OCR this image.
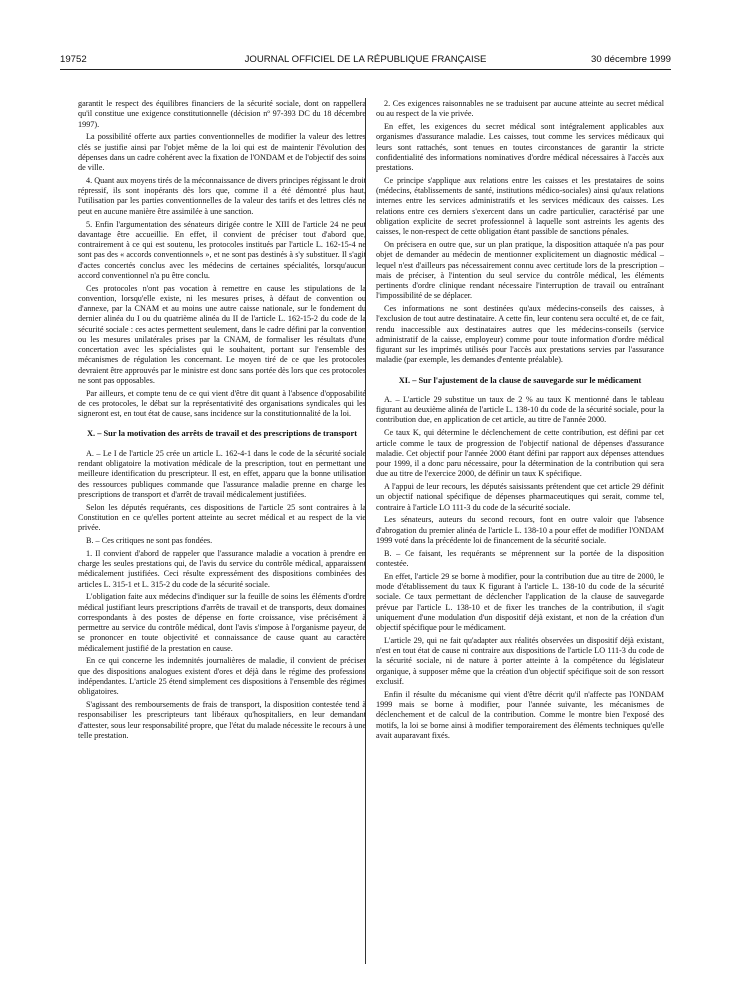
19752	JOURNAL OFFICIEL DE LA RÉPUBLIQUE FRANÇAISE	30 décembre 1999

garantit le respect des équilibres financiers de la sécurité sociale, dont on rappellera qu'il constitue une exigence constitutionnelle (décision nº 97-393 DC du 18 décembre 1997).

La possibilité offerte aux parties conventionnelles de modifier la valeur des lettres clés se justifie ainsi par l'objet même de la loi qui est de maintenir l'évolution des dépenses dans un cadre cohérent avec la fixation de l'ONDAM et de l'objectif des soins de ville.

4. Quant aux moyens tirés de la méconnaissance de divers principes régissant le droit répressif, ils sont inopérants dès lors que, comme il a été démontré plus haut, l'utilisation par les parties conventionnelles de la valeur des tarifs et des lettres clés ne peut en aucune manière être assimilée à une sanction.

5. Enfin l'argumentation des sénateurs dirigée contre le XIII de l'article 24 ne peut davantage être accueillie. En effet, il convient de préciser tout d'abord que, contrairement à ce qui est soutenu, les protocoles institués par l'article L. 162-15-4 ne sont pas des « accords conventionnels », et ne sont pas destinés à s'y substituer. Il s'agit d'actes concertés conclus avec les médecins de certaines spécialités, lorsqu'aucun accord conventionnel n'a pu être conclu.

Ces protocoles n'ont pas vocation à remettre en cause les stipulations de la convention, lorsqu'elle existe, ni les mesures prises, à défaut de convention ou d'annexe, par la CNAM et au moins une autre caisse nationale, sur le fondement du dernier alinéa du I ou du quatrième alinéa du II de l'article L. 162-15-2 du code de la sécurité sociale : ces actes permettent seulement, dans le cadre défini par la convention ou les mesures unilatérales prises par la CNAM, de formaliser les résultats d'une concertation avec les spécialistes qui le souhaitent, portant sur l'ensemble des mécanismes de régulation les concernant. Le moyen tiré de ce que les protocoles devraient être approuvés par le ministre est donc sans portée dès lors que ces protocoles ne sont pas opposables.

Par ailleurs, et compte tenu de ce qui vient d'être dit quant à l'absence d'opposabilité de ces protocoles, le débat sur la représentativité des organisations syndicales qui les signeront est, en tout état de cause, sans incidence sur la constitutionnalité de la loi.

X. – Sur la motivation des arrêts de travail et des prescriptions de transport

A. – Le I de l'article 25 crée un article L. 162-4-1 dans le code de la sécurité sociale rendant obligatoire la motivation médicale de la prescription, tout en permettant une meilleure identification du prescripteur. Il est, en effet, apparu que la bonne utilisation des ressources publiques commande que l'assurance maladie prenne en charge les prescriptions de transport et d'arrêt de travail médicalement justifiées.

Selon les députés requérants, ces dispositions de l'article 25 sont contraires à la Constitution en ce qu'elles portent atteinte au secret médical et au respect de la vie privée.

B. – Ces critiques ne sont pas fondées.

1. Il convient d'abord de rappeler que l'assurance maladie a vocation à prendre en charge les seules prestations qui, de l'avis du service du contrôle médical, apparaissent médicalement justifiées. Ceci résulte expressément des dispositions combinées des articles L. 315-1 et L. 315-2 du code de la sécurité sociale.

L'obligation faite aux médecins d'indiquer sur la feuille de soins les éléments d'ordre médical justifiant leurs prescriptions d'arrêts de travail et de transports, deux domaines correspondants à des postes de dépense en forte croissance, vise précisément à permettre au service du contrôle médical, dont l'avis s'impose à l'organisme payeur, de se prononcer en toute objectivité et connaissance de cause quant au caractère médicalement justifié de la prestation en cause.

En ce qui concerne les indemnités journalières de maladie, il convient de préciser que des dispositions analogues existent d'ores et déjà dans le régime des professions indépendantes. L'article 25 étend simplement ces dispositions à l'ensemble des régimes obligatoires.

S'agissant des remboursements de frais de transport, la disposition contestée tend à responsabiliser les prescripteurs tant libéraux qu'hospitaliers, en leur demandant d'attester, sous leur responsabilité propre, que l'état du malade nécessite le recours à une telle prestation.

2. Ces exigences raisonnables ne se traduisent par aucune atteinte au secret médical ou au respect de la vie privée.

En effet, les exigences du secret médical sont intégralement applicables aux organismes d'assurance maladie. Les caisses, tout comme les services médicaux qui leurs sont rattachés, sont tenues en toutes circonstances de garantir la stricte confidentialité des informations nominatives d'ordre médical nécessaires à l'accès aux prestations.

Ce principe s'applique aux relations entre les caisses et les prestataires de soins (médecins, établissements de santé, institutions médico-sociales) ainsi qu'aux relations internes entre les services administratifs et les services médicaux des caisses. Les relations entre ces derniers s'exercent dans un cadre particulier, caractérisé par une obligation explicite de secret professionnel à laquelle sont astreints les agents des caisses, le non-respect de cette obligation étant passible de sanctions pénales.

On précisera en outre que, sur un plan pratique, la disposition attaquée n'a pas pour objet de demander au médecin de mentionner explicitement un diagnostic médical – lequel n'est d'ailleurs pas nécessairement connu avec certitude lors de la prescription – mais de préciser, à l'intention du seul service du contrôle médical, les éléments pertinents d'ordre clinique rendant nécessaire l'interruption de travail ou entraînant l'impossibilité de se déplacer.

Ces informations ne sont destinées qu'aux médecins-conseils des caisses, à l'exclusion de tout autre destinataire. A cette fin, leur contenu sera occulté et, de ce fait, rendu inaccessible aux destinataires autres que les médecins-conseils (service administratif de la caisse, employeur) comme pour toute information d'ordre médical figurant sur les imprimés utilisés pour l'accès aux prestations servies par l'assurance maladie (par exemple, les demandes d'entente préalable).

XI. – Sur l'ajustement de la clause de sauvegarde sur le médicament

A. – L'article 29 substitue un taux de 2 % au taux K mentionné dans le tableau figurant au deuxième alinéa de l'article L. 138-10 du code de la sécurité sociale, pour la contribution due, en application de cet article, au titre de l'année 2000.

Ce taux K, qui détermine le déclenchement de cette contribution, est défini par cet article comme le taux de progression de l'objectif national de dépenses d'assurance maladie. Cet objectif pour l'année 2000 étant défini par rapport aux dépenses attendues pour 1999, il a donc paru nécessaire, pour la détermination de la contribution qui sera due au titre de l'exercice 2000, de définir un taux K spécifique.

A l'appui de leur recours, les députés saisissants prétendent que cet article 29 définit un objectif national spécifique de dépenses pharmaceutiques qui serait, comme tel, contraire à l'article LO 111-3 du code de la sécurité sociale.

Les sénateurs, auteurs du second recours, font en outre valoir que l'absence d'abrogation du premier alinéa de l'article L. 138-10 a pour effet de modifier l'ONDAM 1999 voté dans la précédente loi de financement de la sécurité sociale.

B. – Ce faisant, les requérants se méprennent sur la portée de la disposition contestée.

En effet, l'article 29 se borne à modifier, pour la contribution due au titre de 2000, le mode d'établissement du taux K figurant à l'article L. 138-10 du code de la sécurité sociale. Ce taux permettant de déclencher l'application de la clause de sauvegarde prévue par l'article L. 138-10 et de fixer les tranches de la contribution, il s'agit uniquement d'une modulation d'un dispositif déjà existant, et non de la création d'un objectif spécifique pour le médicament.

L'article 29, qui ne fait qu'adapter aux réalités observées un dispositif déjà existant, n'est en tout état de cause ni contraire aux dispositions de l'article LO 111-3 du code de la sécurité sociale, ni de nature à porter atteinte à la compétence du législateur organique, à supposer même que la création d'un objectif spécifique soit de son ressort exclusif.

Enfin il résulte du mécanisme qui vient d'être décrit qu'il n'affecte pas l'ONDAM 1999 mais se borne à modifier, pour l'année suivante, les mécanismes de déclenchement et de calcul de la contribution. Comme le montre bien l'exposé des motifs, la loi se borne ainsi à modifier temporairement des éléments techniques qu'elle avait auparavant fixés.
